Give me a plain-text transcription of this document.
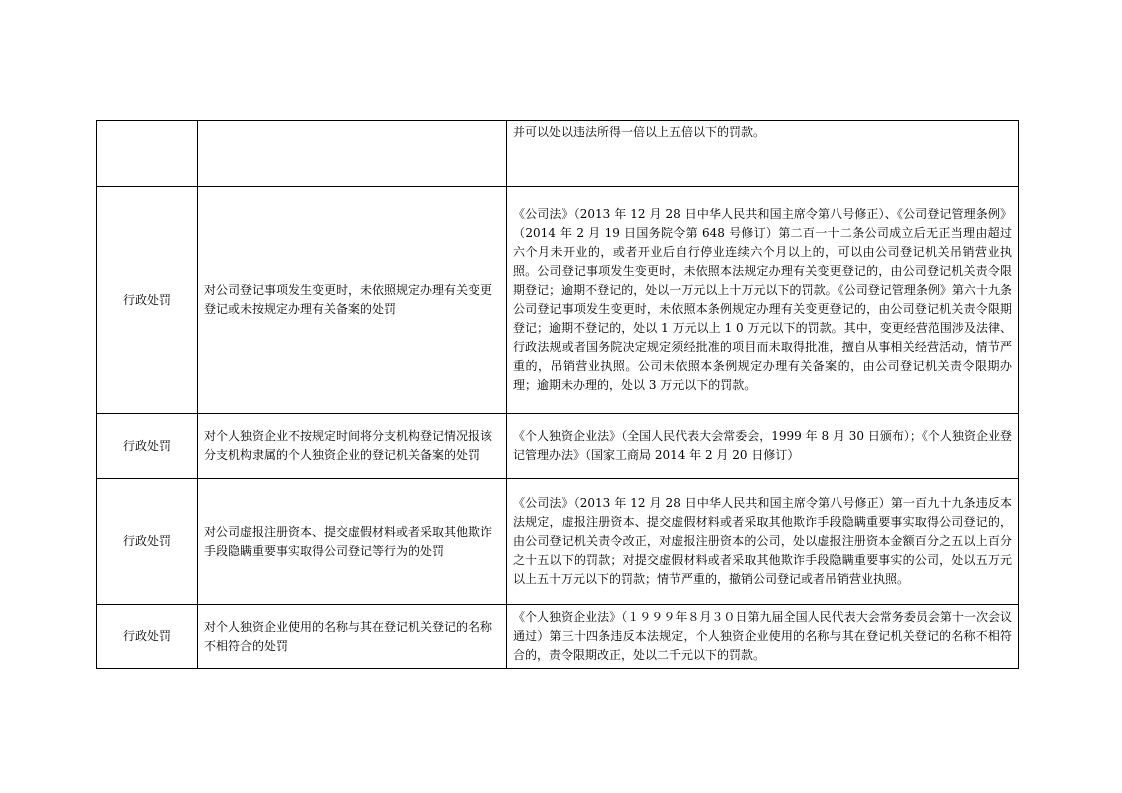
		并可以处以违法所得一倍以上五倍以下的罚款。
行政处罚	对公司登记事项发生变更时，未依照规定办理有关变更登记或未按规定办理有关备案的处罚	《公司法》（2013 年 12 月 28 日中华人民共和国主席令第八号修正）、《公司登记管理条例》（2014 年 2 月 19 日国务院令第 648 号修订）第二百一十二条公司成立后无正当理由超过六个月未开业的，或者开业后自行停业连续六个月以上的，可以由公司登记机关吊销营业执照。公司登记事项发生变更时，未依照本法规定办理有关变更登记的，由公司登记机关责令限期登记；逾期不登记的，处以一万元以上十万元以下的罚款。《公司登记管理条例》第六十九条　公司登记事项发生变更时，未依照本条例规定办理有关变更登记的，由公司登记机关责令限期登记；逾期不登记的，处以 1 万元以上 1 0 万元以下的罚款。其中，变更经营范围涉及法律、行政法规或者国务院决定规定须经批准的项目而未取得批准，擅自从事相关经营活动，情节严重的，吊销营业执照。公司未依照本条例规定办理有关备案的，由公司登记机关责令限期办理；逾期未办理的，处以 3 万元以下的罚款。
行政处罚	对个人独资企业不按规定时间将分支机构登记情况报该分支机构隶属的个人独资企业的登记机关备案的处罚	《个人独资企业法》（全国人民代表大会常委会，1999 年 8 月 30 日颁布）；《个人独资企业登记管理办法》（国家工商局 2014 年 2 月 20 日修订）
行政处罚	对公司虚报注册资本、提交虚假材料或者采取其他欺诈手段隐瞒重要事实取得公司登记等行为的处罚	《公司法》（2013 年 12 月 28 日中华人民共和国主席令第八号修正）第一百九十九条违反本法规定，虚报注册资本、提交虚假材料或者采取其他欺诈手段隐瞒重要事实取得公司登记的，由公司登记机关责令改正，对虚报注册资本的公司，处以虚报注册资本金额百分之五以上百分之十五以下的罚款；对提交虚假材料或者采取其他欺诈手段隐瞒重要事实的公司，处以五万元以上五十万元以下的罚款；情节严重的，撤销公司登记或者吊销营业执照。
行政处罚	对个人独资企业使用的名称与其在登记机关登记的名称不相符合的处罚	《个人独资企业法》（１９９９年８月３０日第九届全国人民代表大会常务委员会第十一次会议通过）第三十四条违反本法规定，个人独资企业使用的名称与其在登记机关登记的名称不相符合的，责令限期改正，处以二千元以下的罚款。
